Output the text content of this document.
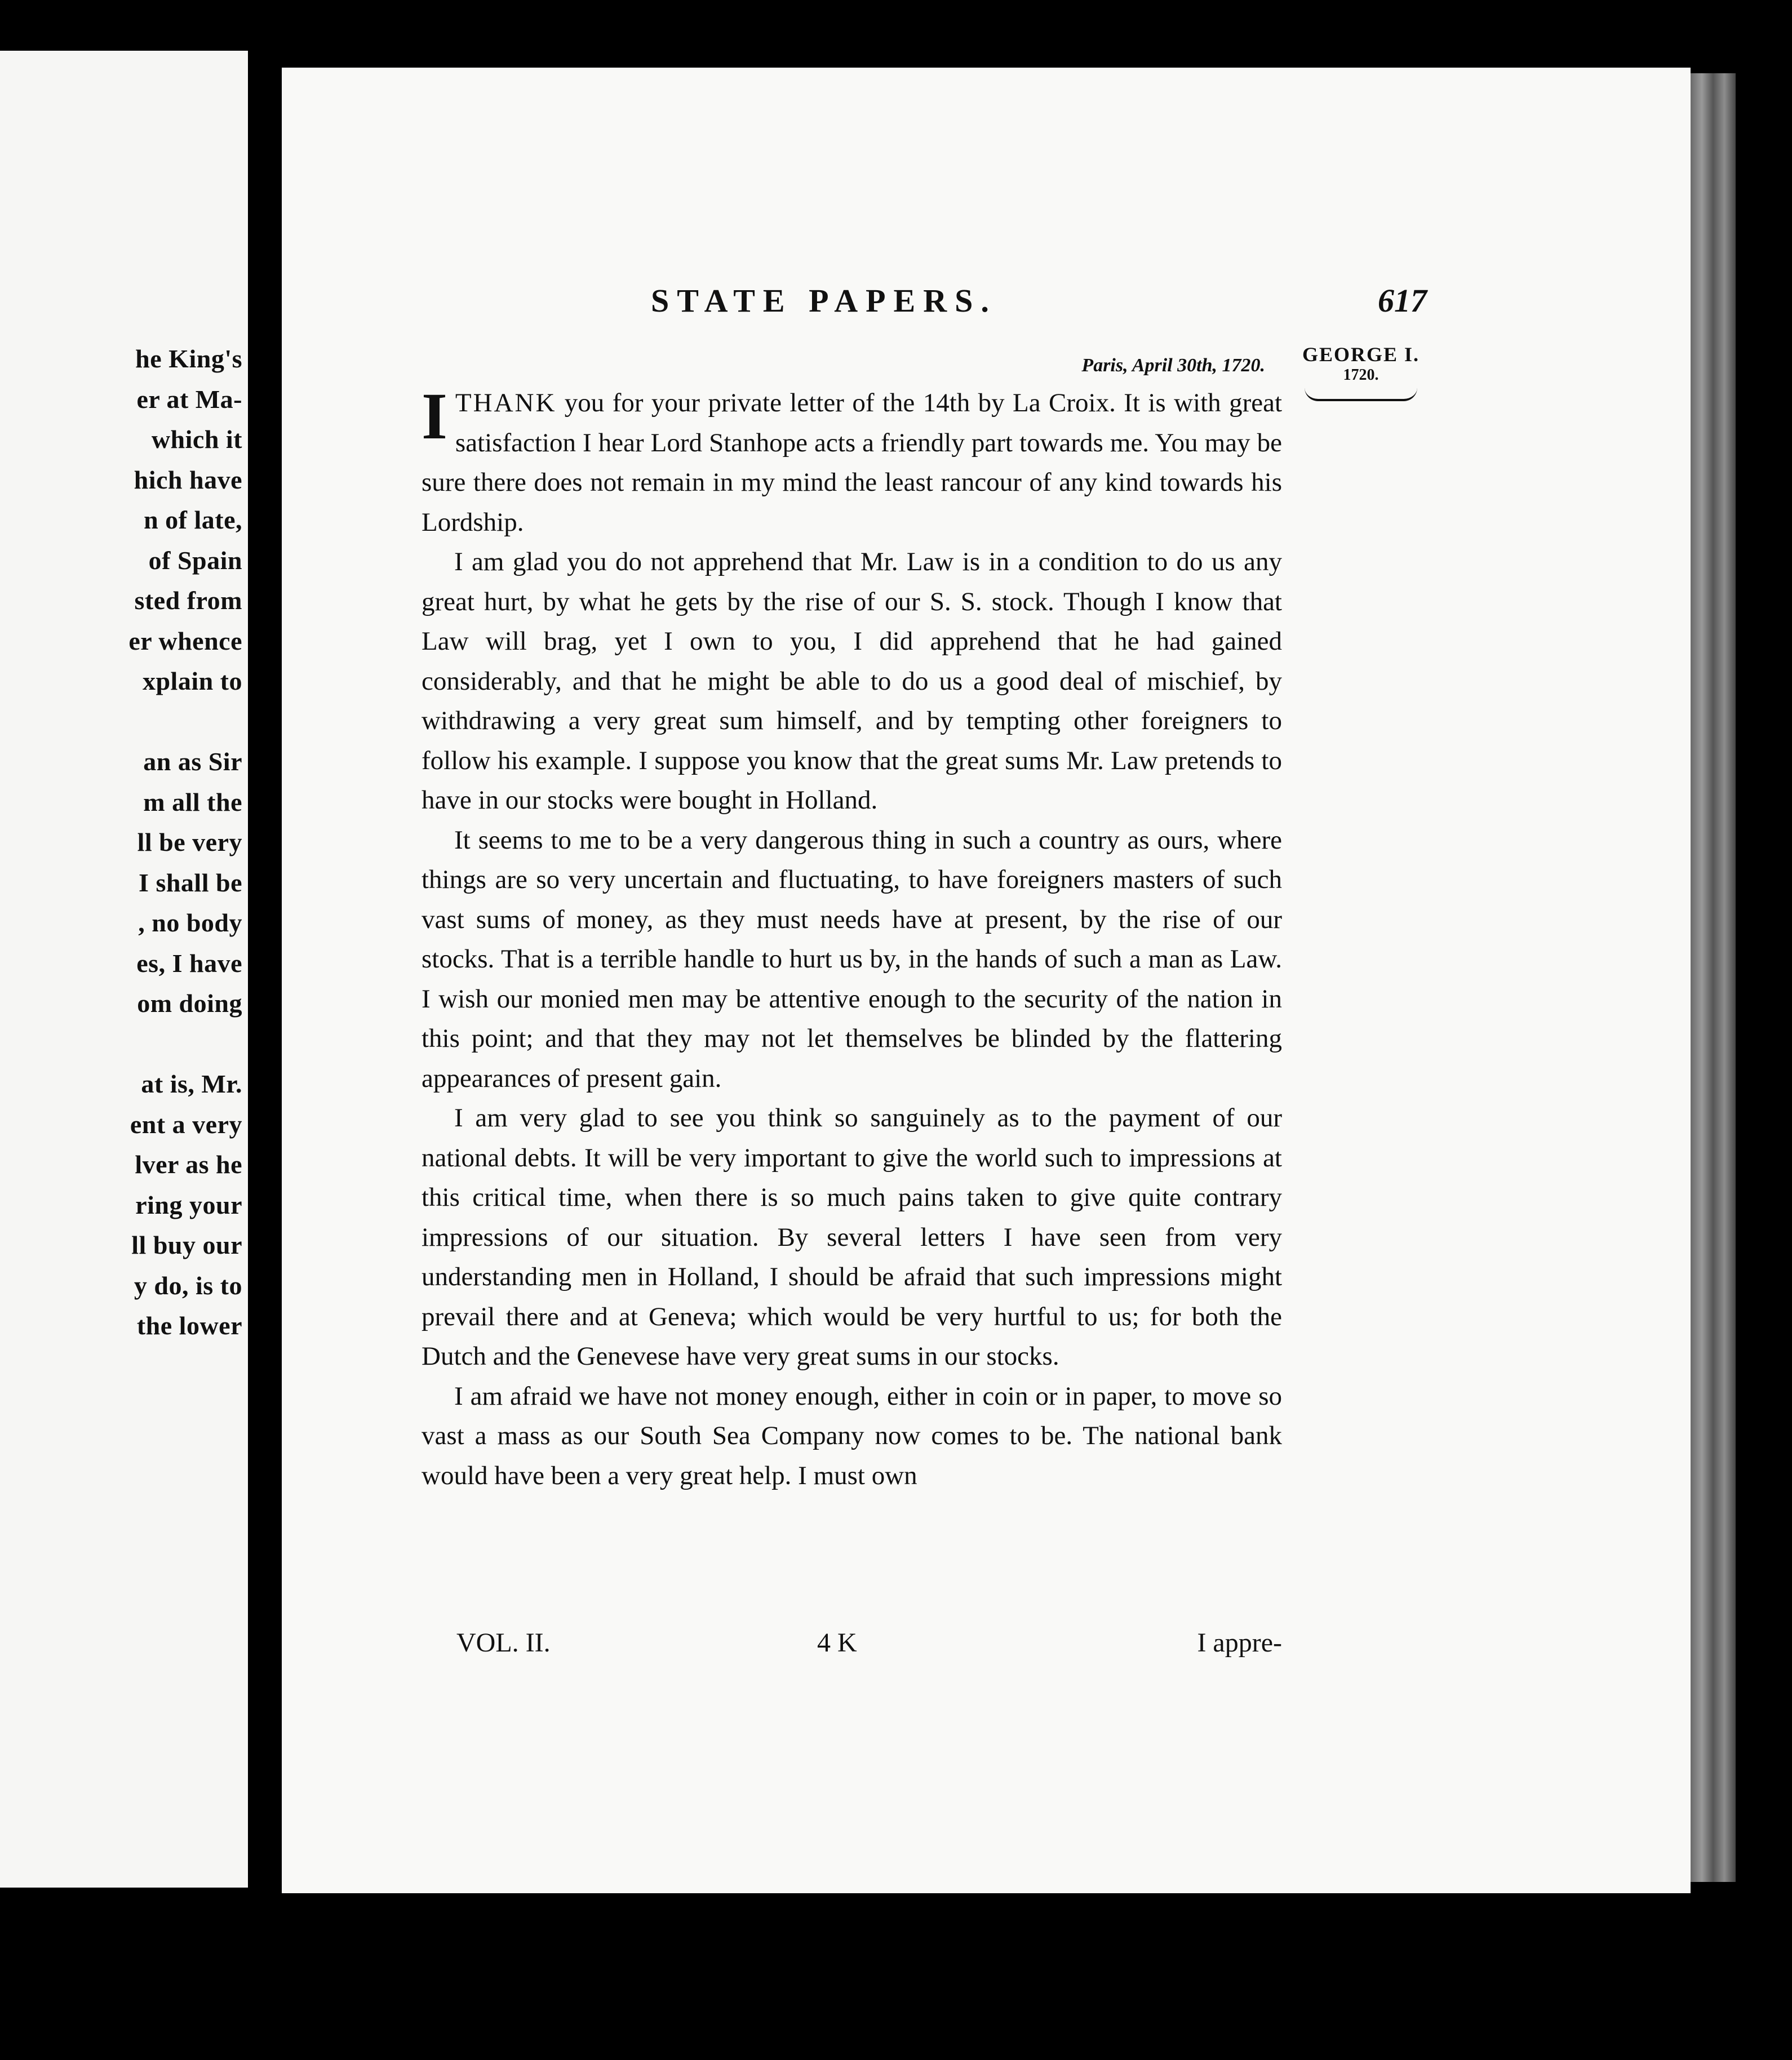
he King's
er at Ma-
which it
hich have
n of late,
of Spain
sted from
er whence
xplain to
an as Sir
m all the
ll be very
I shall be
, no body
es, I have
om doing
at is, Mr.
ent a very
lver as he
ring your
ll buy our
y do, is to
the lower
STATE PAPERS.	617
GEORGE I.
1720.
Paris, April 30th, 1720.

ITHANK you for your private letter of the 14th by La Croix. It is with great satisfaction I hear Lord Stanhope acts a friendly part towards me. You may be sure there does not remain in my mind the least rancour of any kind towards his Lordship.

I am glad you do not apprehend that Mr. Law is in a condition to do us any great hurt, by what he gets by the rise of our S. S. stock. Though I know that Law will brag, yet I own to you, I did apprehend that he had gained considerably, and that he might be able to do us a good deal of mischief, by withdrawing a very great sum himself, and by tempting other foreigners to follow his example. I suppose you know that the great sums Mr. Law pretends to have in our stocks were bought in Holland.

It seems to me to be a very dangerous thing in such a country as ours, where things are so very uncertain and fluctuating, to have foreigners masters of such vast sums of money, as they must needs have at present, by the rise of our stocks. That is a terrible handle to hurt us by, in the hands of such a man as Law. I wish our monied men may be attentive enough to the security of the nation in this point; and that they may not let themselves be blinded by the flattering appearances of present gain.

I am very glad to see you think so sanguinely as to the payment of our national debts. It will be very important to give the world such to impressions at this critical time, when there is so much pains taken to give quite contrary impressions of our situation. By several letters I have seen from very understanding men in Holland, I should be afraid that such impressions might prevail there and at Geneva; which would be very hurtful to us; for both the Dutch and the Genevese have very great sums in our stocks.

I am afraid we have not money enough, either in coin or in paper, to move so vast a mass as our South Sea Company now comes to be. The national bank would have been a very great help. I must own

VOL. II.	4 K	I appre-
